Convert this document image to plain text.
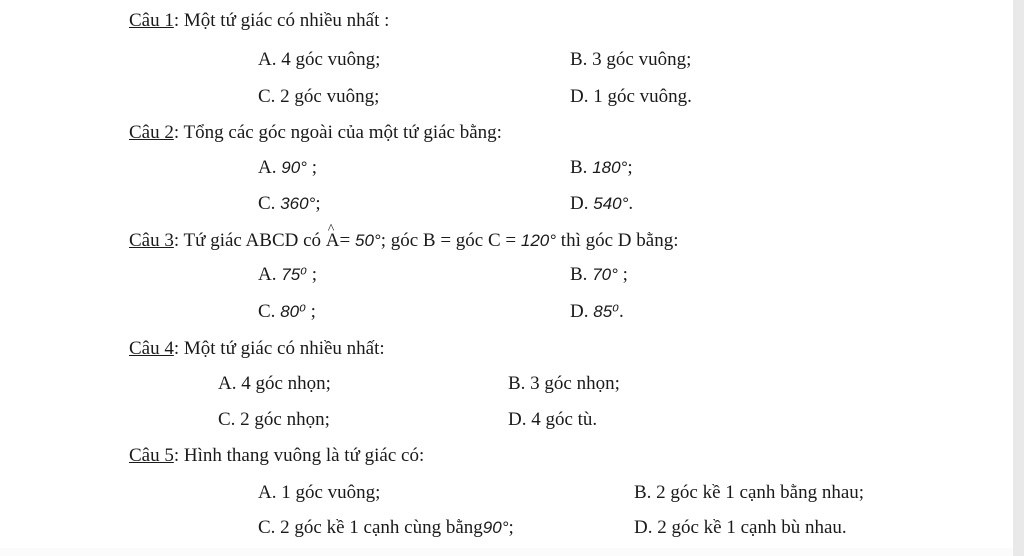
Câu 1: Một tứ giác có nhiều nhất :
A. 4 góc vuông;	B. 3 góc vuông;
C. 2 góc vuông;	D. 1 góc vuông.
Câu 2: Tổng các góc ngoài của một tứ giác bằng:
A. 90° ;	B. 180°;
C. 360°;	D. 540°.
Câu 3: Tứ giác ABCD có ^ A= 50°; góc B = góc C = 120° thì góc D bằng:
A. 75⁰ ;	B. 70° ;
C. 80⁰ ;	D. 85⁰.
Câu 4: Một tứ giác có nhiều nhất:
A. 4 góc nhọn;	B. 3 góc nhọn;
C. 2 góc nhọn;	D. 4 góc tù.
Câu 5: Hình thang vuông là tứ giác có:
A. 1 góc vuông;	B. 2 góc kề 1 cạnh bằng nhau;
C. 2 góc kề 1 cạnh cùng bằng90°;	D. 2 góc kề 1 cạnh bù nhau.
